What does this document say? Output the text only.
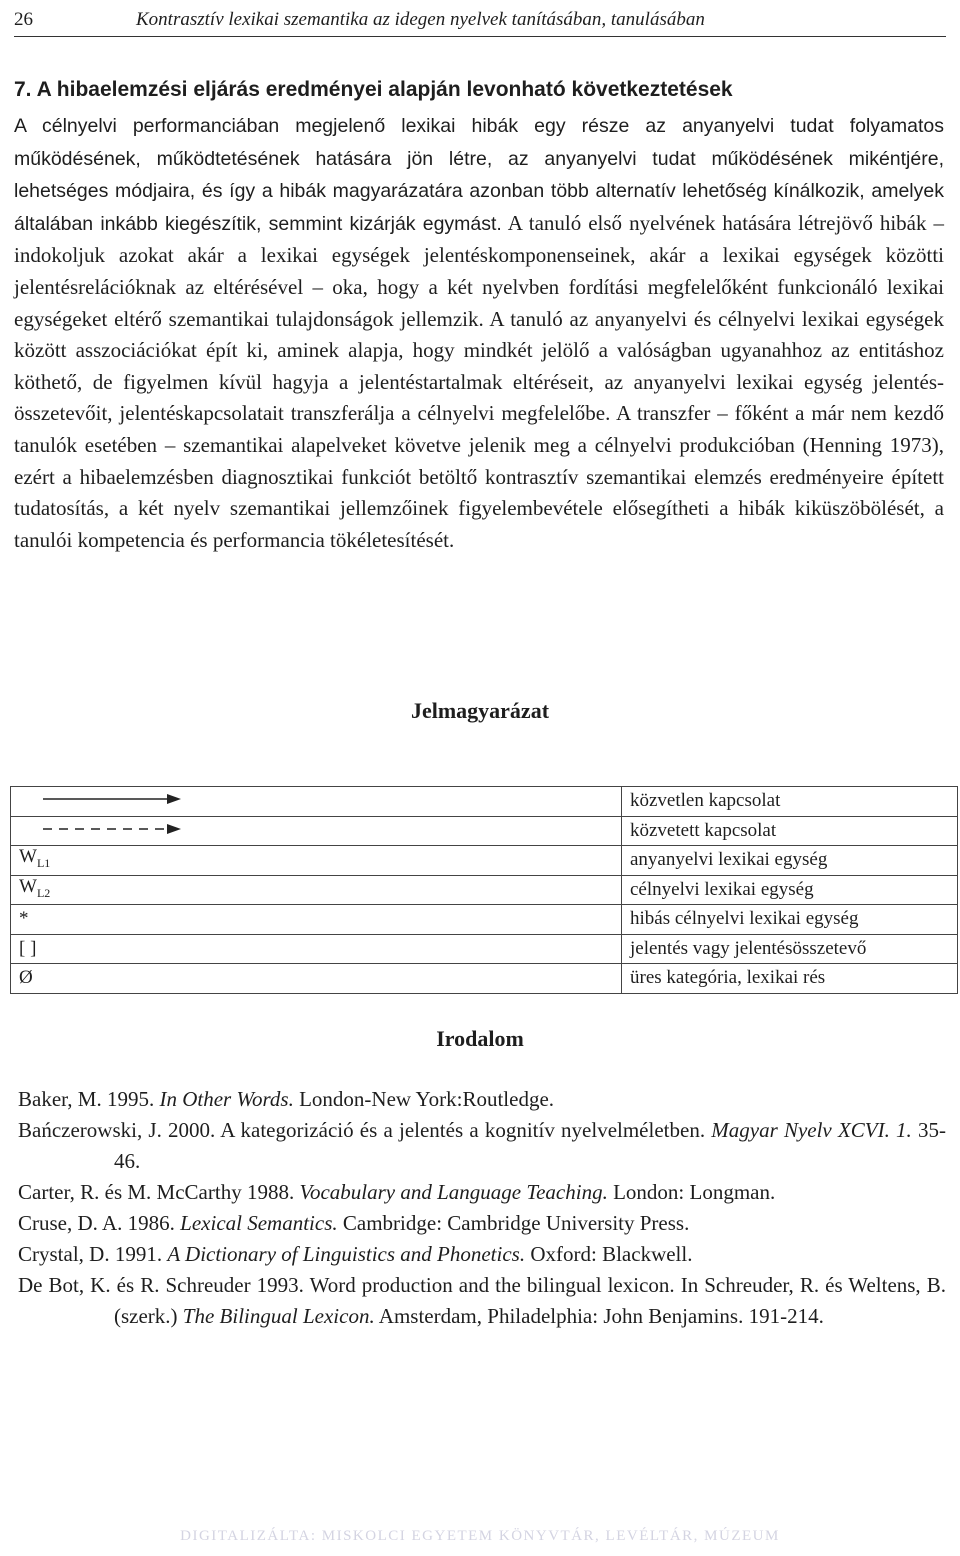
26	Kontrasztív lexikai szemantika az idegen nyelvek tanításában, tanulásában
7. A hibaelemzési eljárás eredményei alapján levonható következtetések
A célnyelvi performanciában megjelenő lexikai hibák egy része az anyanyelvi tudat folyamatos működésének, működtetésének hatására jön létre, az anyanyelvi tudat működésének mikéntjére, lehetséges módjaira, és így a hibák magyarázatára azonban több alternatív lehetőség kínálkozik, amelyek általában inkább kiegészítik, semmint kizárják egymást. A tanuló első nyelvének hatására létrejövő hibák – indokoljuk azokat akár a lexikai egységek jelentéskomponenseinek, akár a lexikai egységek közötti jelentésrelációknak az eltérésével – oka, hogy a két nyelvben fordítási megfelelőként funkcionáló lexikai egységeket eltérő szemantikai tulajdonságok jellemzik. A tanuló az anyanyelvi és célnyelvi lexikai egységek között asszociációkat épít ki, aminek alapja, hogy mindkét jelölő a valóságban ugyanahhoz az entitáshoz köthető, de figyelmen kívül hagyja a jelentéstartalmak eltéréseit, az anyanyelvi lexikai egység jelentés-összetevőit, jelentéskapcsolatait transzferálja a célnyelvi megfelelőbe. A transzfer – főként a már nem kezdő tanulók esetében – szemantikai alapelveket követve jelenik meg a célnyelvi produkcióban (Henning 1973), ezért a hibaelemzésben diagnosztikai funkciót betöltő kontrasztív szemantikai elemzés eredményeire épített tudatosítás, a két nyelv szemantikai jellemzőinek figyelembevétele elősegítheti a hibák kiküszöbölését, a tanulói kompetencia és performancia tökéletesítését.
Jelmagyarázat
	közvetlen kapcsolat

	közvetett kapcsolat
$W_{L1}$	anyanyelvi lexikai egység
$W_{L2}$	célnyelvi lexikai egység
*	hibás célnyelvi lexikai egység
[ ]	jelentés vagy jelentésösszetevő
Ø	üres kategória, lexikai rés
Irodalom
Baker, M. 1995. In Other Words. London-New York:Routledge.
Bańczerowski, J. 2000. A kategorizáció és a jelentés a kognitív nyelvelméletben. Magyar Nyelv XCVI. 1. 35-46.
Carter, R. és M. McCarthy 1988. Vocabulary and Language Teaching. London: Longman.
Cruse, D. A. 1986. Lexical Semantics. Cambridge: Cambridge University Press.
Crystal, D. 1991. A Dictionary of Linguistics and Phonetics. Oxford: Blackwell.
De Bot, K. és R. Schreuder 1993. Word production and the bilingual lexicon. In Schreuder, R. és Weltens, B. (szerk.) The Bilingual Lexicon. Amsterdam, Philadelphia: John Benjamins. 191-214.
DIGITALIZÁLTA: MISKOLCI EGYETEM KÖNYVTÁR, LEVÉLTÁR, MÚZEUM
